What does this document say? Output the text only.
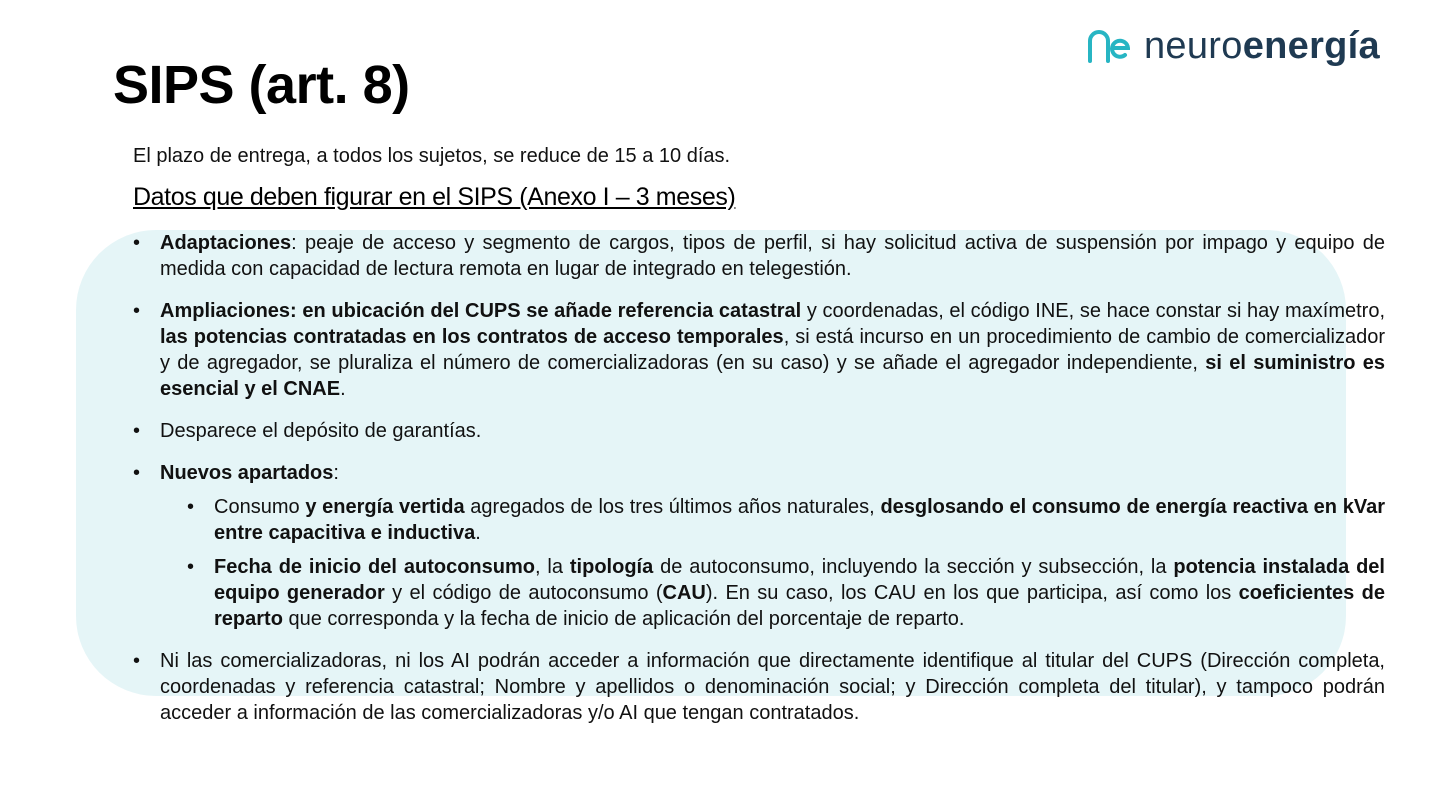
neuroenergía
SIPS (art. 8)

El plazo de entrega, a todos los sujetos, se reduce de 15 a 10 días.

Datos que deben figurar en el SIPS (Anexo I – 3 meses)
• Adaptaciones: peaje de acceso y segmento de cargos, tipos de perfil, si hay solicitud activa de suspensión por impago y equipo de medida con capacidad de lectura remota en lugar de integrado en telegestión.
• Ampliaciones: en ubicación del CUPS se añade referencia catastral y coordenadas, el código INE, se hace constar si hay maxímetro, las potencias contratadas en los contratos de acceso temporales, si está incurso en un procedimiento de cambio de comercializador y de agregador, se pluraliza el número de comercializadoras (en su caso) y se añade el agregador independiente, si el suministro es esencial y el CNAE.
• Desparece el depósito de garantías.
• Nuevos apartados:
• Consumo y energía vertida agregados de los tres últimos años naturales, desglosando el consumo de energía reactiva en kVar entre capacitiva e inductiva.
• Fecha de inicio del autoconsumo, la tipología de autoconsumo, incluyendo la sección y subsección, la potencia instalada del equipo generador y el código de autoconsumo (CAU). En su caso, los CAU en los que participa, así como los coeficientes de reparto que corresponda y la fecha de inicio de aplicación del porcentaje de reparto.
• Ni las comercializadoras, ni los AI podrán acceder a información que directamente identifique al titular del CUPS (Dirección completa, coordenadas y referencia catastral; Nombre y apellidos o denominación social; y Dirección completa del titular), y tampoco podrán acceder a información de las comercializadoras y/o AI que tengan contratados.
